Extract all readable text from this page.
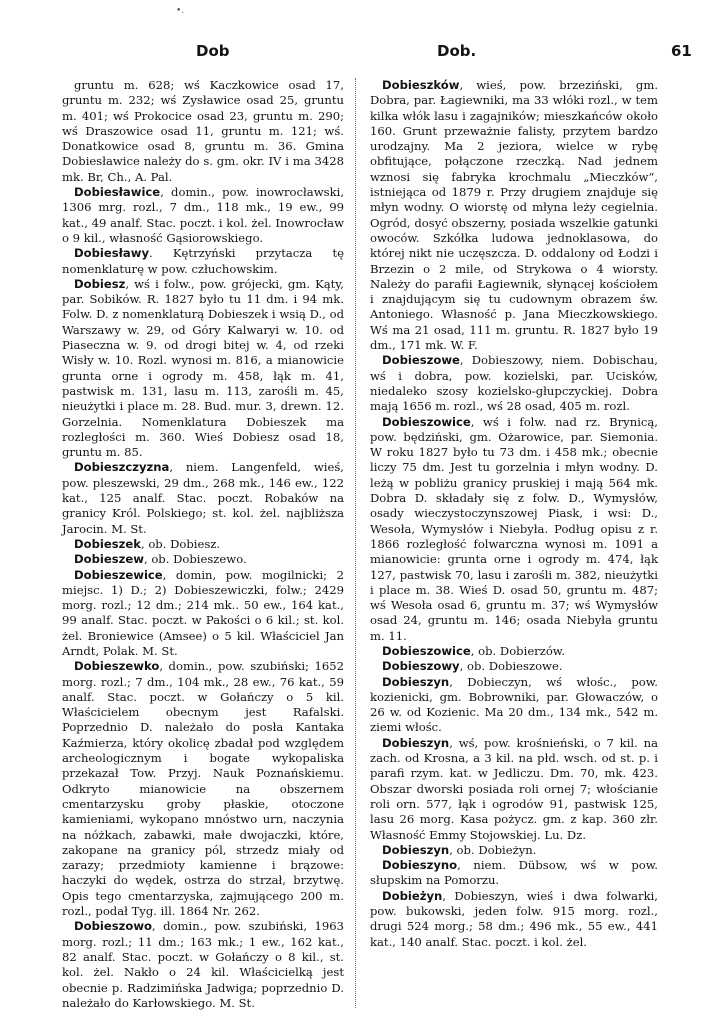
•.
Dob	Dob.	61

gruntu m. 628; wś Kaczkowice osad 17, gruntu m. 232; wś Zysławice osad 25, gruntu m. 401; wś Prokocice osad 23, gruntu m. 290; wś Draszowice osad 11, gruntu m. 121; wś. Donatkowice osad 8, gruntu m. 36. Gmina Dobiesławice należy do s. gm. okr. IV i ma 3428 mk. Br, Ch., A. Pal.

Dobiesławice, domin., pow. inowrocławski, 1306 mrg. rozl., 7 dm., 118 mk., 19 ew., 99 kat., 49 analf. Stac. poczt. i kol. żel. Inowrocław o 9 kil., własność Gąsiorowskiego.

Dobiesławy. Kętrzyński przytacza tę nomenklaturę w pow. człuchowskim.

Dobiesz, wś i folw., pow. grójecki, gm. Kąty, par. Sobików. R. 1827 było tu 11 dm. i 94 mk. Folw. D. z nomenklaturą Dobieszek i wsią D., od Warszawy w. 29, od Góry Kalwaryi w. 10. od Piaseczna w. 9. od drogi bitej w. 4, od rzeki Wisły w. 10. Rozl. wynosi m. 816, a mianowicie grunta orne i ogrody m. 458, łąk m. 41, pastwisk m. 131, lasu m. 113, zarośli m. 45, nieużytki i place m. 28. Bud. mur. 3, drewn. 12. Gorzelnia. Nomenklatura Dobieszek ma rozległości m. 360. Wieś Dobiesz osad 18, gruntu m. 85.

Dobieszczyzna, niem. Langenfeld, wieś, pow. pleszewski, 29 dm., 268 mk., 146 ew., 122 kat., 125 analf. Stac. poczt. Robaków na granicy Król. Polskiego; st. kol. żel. najbliższa Jarocin. M. St.

Dobieszek, ob. Dobiesz.

Dobieszew, ob. Dobieszewo.

Dobieszewice, domin, pow. mogilnicki; 2 miejsc. 1) D.; 2) Dobieszewiczki, folw.; 2429 morg. rozl.; 12 dm.; 214 mk.. 50 ew., 164 kat., 99 analf. Stac. poczt. w Pakości o 6 kil.; st. kol. żel. Broniewice (Amsee) o 5 kil. Właściciel Jan Arndt, Polak. M. St.

Dobieszewko, domin., pow. szubiński; 1652 morg. rozl.; 7 dm., 104 mk., 28 ew., 76 kat., 59 analf. Stac. poczt. w Gołańczy o 5 kil. Właścicielem obecnym jest Rafalski. Poprzednio D. należało do posła Kantaka Kaźmierza, który okolicę zbadał pod względem archeologicznym i bogate wykopaliska przekazał Tow. Przyj. Nauk Poznańskiemu. Odkryto mianowicie na obszernem cmentarzysku groby płaskie, otoczone kamieniami, wykopano mnóstwo urn, naczynia na nóżkach, zabawki, małe dwojaczki, które, zakopane na granicy pól, strzedz miały od zarazy; przedmioty kamienne i brązowe: haczyki do wędek, ostrza do strzał, brzytwę. Opis tego cmentarzyska, zajmującego 200 m. rozl., podał Tyg. ill. 1864 Nr. 262.

Dobieszowo, domin., pow. szubiński, 1963 morg. rozl.; 11 dm.; 163 mk.; 1 ew., 162 kat., 82 analf. Stac. poczt. w Gołańczy o 8 kil., st. kol. żel. Nakło o 24 kil. Właścicielką jest obecnie p. Radzimińska Jadwiga; poprzednio D. należało do Karłowskiego. M. St.

Dobieszków, wieś, pow. brzeziński, gm. Dobra, par. Łagiewniki, ma 33 włóki rozl., w tem kilka włók lasu i zagajników; mieszkańców około 160. Grunt przeważnie falisty, przytem bardzo urodzajny. Ma 2 jeziora, wielce w rybę obfitujące, połączone rzeczką. Nad jednem wznosi się fabryka krochmalu „Mieczków“, istniejąca od 1879 r. Przy drugiem znajduje się młyn wodny. O wiorstę od młyna leży cegielnia. Ogród, dosyć obszerny, posiada wszelkie gatunki owoców. Szkółka ludowa jednoklasowa, do której nikt nie uczęszcza. D. oddalony od Łodzi i Brzezin o 2 mile, od Strykowa o 4 wiorsty. Należy do parafii Łagiewnik, słynącej kościołem i znajdującym się tu cudownym obrazem św. Antoniego. Własność p. Jana Mieczkowskiego. Wś ma 21 osad, 111 m. gruntu. R. 1827 było 19 dm., 171 mk. W. F.

Dobieszowe, Dobieszowy, niem. Dobischau, wś i dobra, pow. kozielski, par. Ucisków, niedaleko szosy kozielsko-głupczyckiej. Dobra mają 1656 m. rozl., wś 28 osad, 405 m. rozl.

Dobieszowice, wś i folw. nad rz. Brynicą, pow. będziński, gm. Ożarowice, par. Siemonia. W roku 1827 było tu 73 dm. i 458 mk.; obecnie liczy 75 dm. Jest tu gorzelnia i młyn wodny. D. leżą w pobliżu granicy pruskiej i mają 564 mk. Dobra D. składały się z folw. D., Wymysłów, osady wieczystoczynszowej Piask, i wsi: D., Wesoła, Wymysłów i Niebyła. Podług opisu z r. 1866 rozległość folwarczna wynosi m. 1091 a mianowicie: grunta orne i ogrody m. 474, łąk 127, pastwisk 70, lasu i zarośli m. 382, nieużytki i place m. 38. Wieś D. osad 50, gruntu m. 487; wś Wesoła osad 6, gruntu m. 37; wś Wymysłów osad 24, gruntu m. 146; osada Niebyła gruntu m. 11.

Dobieszowice, ob. Dobierzów.

Dobieszowy, ob. Dobieszowe.

Dobieszyn, Dobieczyn, wś włośc., pow. kozienicki, gm. Bobrowniki, par. Głowaczów, o 26 w. od Kozienic. Ma 20 dm., 134 mk., 542 m. ziemi włośc.

Dobieszyn, wś, pow. krośnieński, o 7 kil. na zach. od Krosna, a 3 kil. na płd. wsch. od st. p. i parafi rzym. kat. w Jedliczu. Dm. 70, mk. 423. Obszar dworski posiada roli ornej 7; włościanie roli orn. 577, łąk i ogrodów 91, pastwisk 125, lasu 26 morg. Kasa pożycz. gm. z kap. 360 złr. Własność Emmy Stojowskiej. Lu. Dz.

Dobieszyn, ob. Dobieżyn.

Dobieszyno, niem. Dübsow, wś w pow. słupskim na Pomorzu.

Dobieżyn, Dobieszyn, wieś i dwa folwarki, pow. bukowski, jeden folw. 915 morg. rozl., drugi 524 morg.; 58 dm.; 496 mk., 55 ew., 441 kat., 140 analf. Stac. poczt. i kol. żel.
